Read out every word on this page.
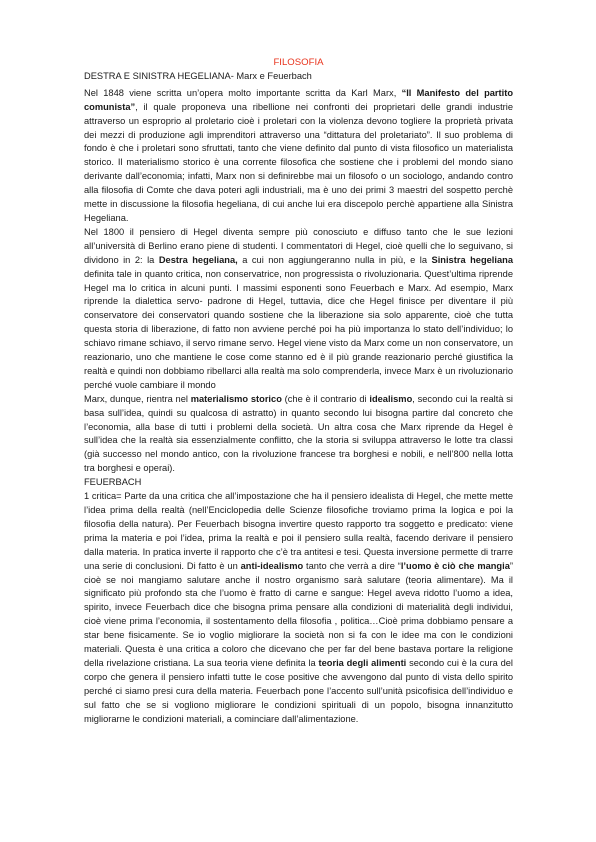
FILOSOFIA

DESTRA E SINISTRA HEGELIANA- Marx e Feuerbach

Nel 1848 viene scritta un’opera molto importante scritta da Karl Marx, “Il Manifesto del partito comunista”, il quale proponeva una ribellione nei confronti dei proprietari delle grandi industrie attraverso un esproprio al proletario cioè i proletari con la violenza devono togliere la proprietà privata dei mezzi di produzione agli imprenditori attraverso una “dittatura del proletariato”. Il suo problema di fondo è che i proletari sono sfruttati, tanto che viene definito dal punto di vista filosofico un materialista storico. Il materialismo storico è una corrente filosofica che sostiene che i problemi del mondo siano derivante dall’economia; infatti, Marx non si definirebbe mai un filosofo o un sociologo, andando contro alla filosofia di Comte che dava poteri agli industriali, ma è uno dei primi 3 maestri del sospetto perchè mette in discussione la filosofia hegeliana, di cui anche lui era discepolo perchè appartiene alla Sinistra Hegeliana.

Nel 1800 il pensiero di Hegel diventa sempre più conosciuto e diffuso tanto che le sue lezioni all’università di Berlino erano piene di studenti. I commentatori di Hegel, cioè quelli che lo seguivano, si dividono in 2: la Destra hegeliana, a cui non aggiungeranno nulla in più, e la Sinistra hegeliana definita tale in quanto critica, non conservatrice, non progressista o rivoluzionaria. Quest’ultima riprende Hegel ma lo critica in alcuni punti. I massimi esponenti sono Feuerbach e Marx. Ad esempio, Marx riprende la dialettica servo- padrone di Hegel, tuttavia, dice che Hegel finisce per diventare il più conservatore dei conservatori quando sostiene che la liberazione sia solo apparente, cioè che tutta questa storia di liberazione, di fatto non avviene perché poi ha più importanza lo stato dell’individuo; lo schiavo rimane schiavo, il servo rimane servo. Hegel viene visto da Marx come un non conservatore, un reazionario, uno che mantiene le cose come stanno ed è il più grande reazionario perché giustifica la realtà e quindi non dobbiamo ribellarci alla realtà ma solo comprenderla, invece Marx è un rivoluzionario perché vuole cambiare il mondo

Marx, dunque, rientra nel materialismo storico (che è il contrario di idealismo, secondo cui la realtà si basa sull’idea, quindi su qualcosa di astratto) in quanto secondo lui bisogna partire dal concreto che l’economia, alla base di tutti i problemi della società. Un altra cosa che Marx riprende da Hegel è sull’idea che la realtà sia essenzialmente conflitto, che la storia si sviluppa attraverso le lotte tra classi (già successo nel mondo antico, con la rivoluzione francese tra borghesi e nobili, e nell’800 nella lotta tra borghesi e operai).

FEUERBACH

1 critica= Parte da una critica che all’impostazione che ha il pensiero idealista di Hegel, che mette mette l’idea prima della realtà (nell’Enciclopedia delle Scienze filosofiche troviamo prima la logica e poi la filosofia della natura). Per Feuerbach bisogna invertire questo rapporto tra soggetto e predicato: viene prima la materia e poi l’idea, prima la realtà e poi il pensiero sulla realtà, facendo derivare il pensiero dalla materia. In pratica inverte il rapporto che c’è tra antitesi e tesi. Questa inversione permette di trarre una serie di conclusioni. Di fatto è un anti-idealismo tanto che verrà a dire “l’uomo è ciò che mangia” cioè se noi mangiamo salutare anche il nostro organismo sarà salutare (teoria alimentare). Ma il significato più profondo sta che l’uomo è fratto di carne e sangue: Hegel aveva ridotto l’uomo a idea, spirito, invece Feuerbach dice che bisogna prima pensare alla condizioni di materialità degli individui, cioè viene prima l’economia, il sostentamento della filosofia , politica…Cioè prima dobbiamo pensare a star bene fisicamente. Se io voglio migliorare la società non si fa con le idee ma con le condizioni materiali. Questa è una critica a coloro che dicevano che per far del bene bastava portare la religione della rivelazione cristiana. La sua teoria viene definita la teoria degli alimenti secondo cui è la cura del corpo che genera il pensiero infatti tutte le cose positive che avvengono dal punto di vista dello spirito perché ci siamo presi cura della materia. Feuerbach pone l’accento sull’unità psicofisica dell’individuo e sul fatto che se si vogliono migliorare le condizioni spirituali di un popolo, bisogna innanzitutto migliorarne le condizioni materiali, a cominciare dall’alimentazione.
